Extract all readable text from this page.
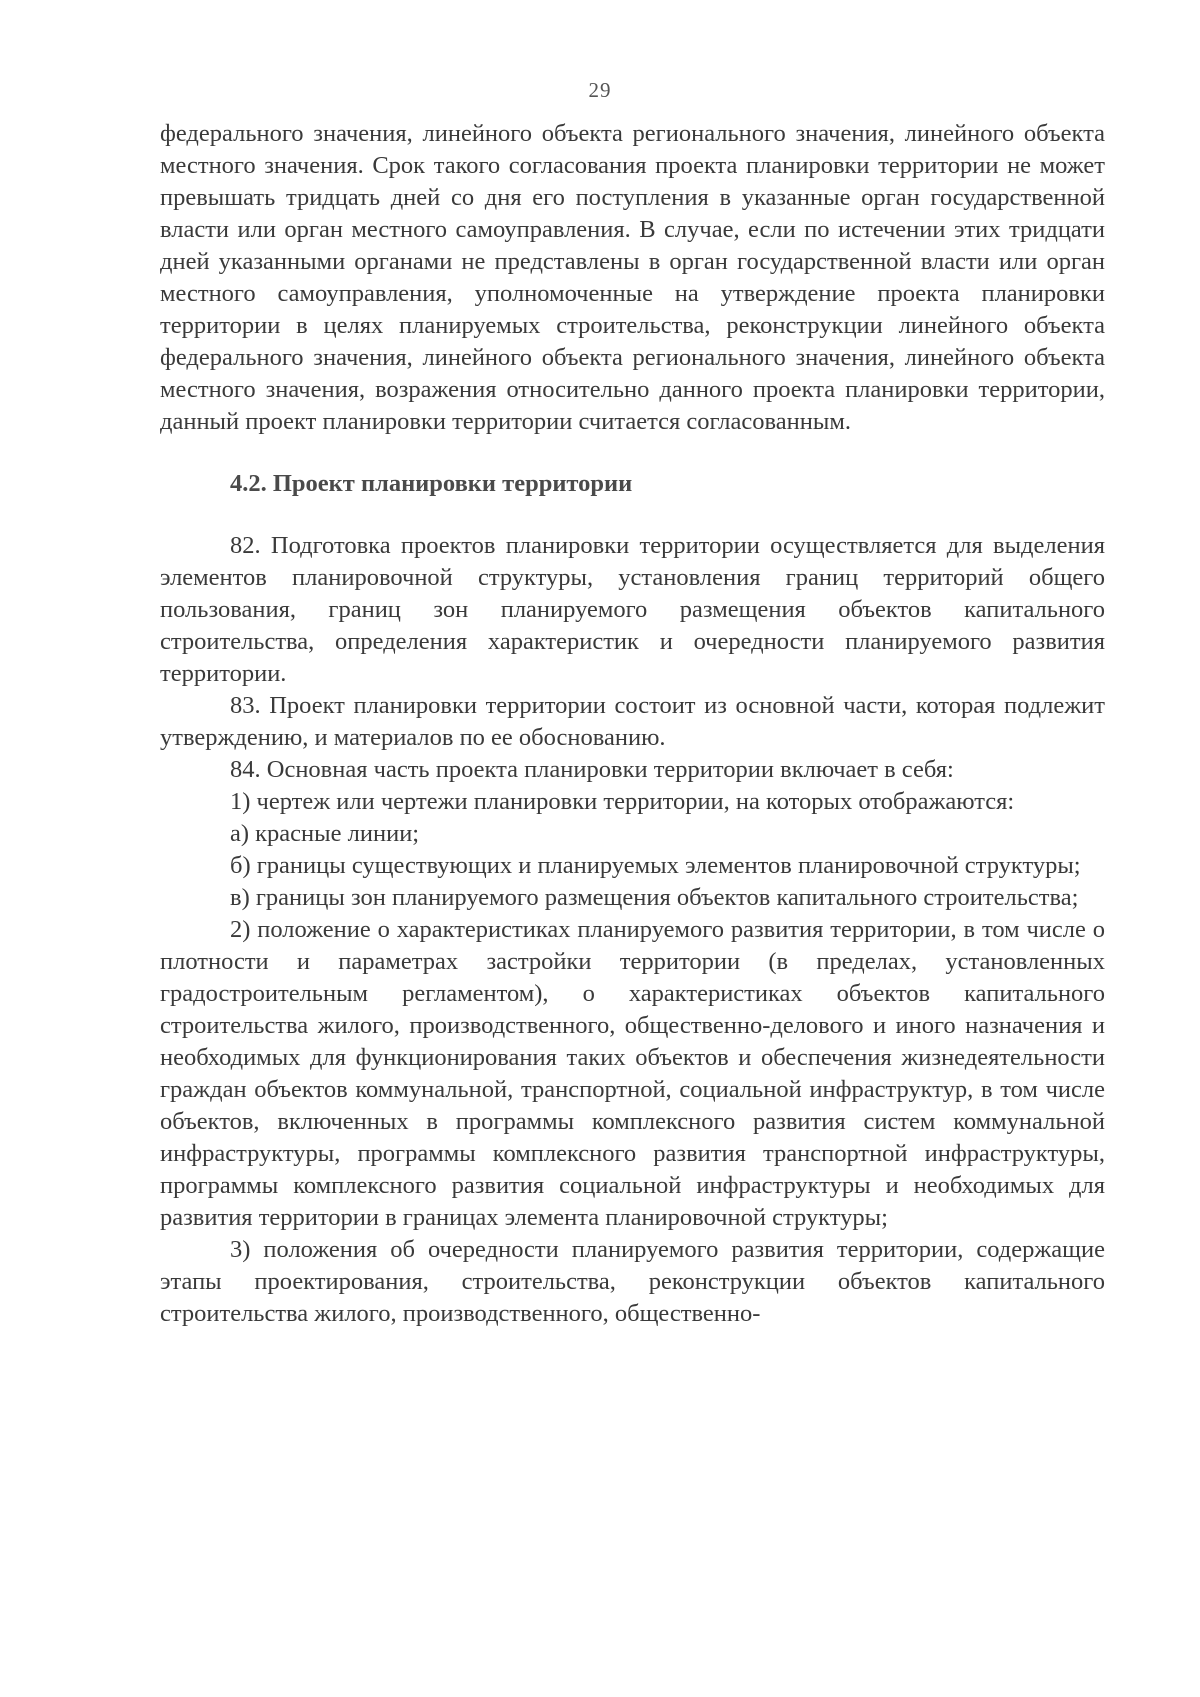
29

федерального значения, линейного объекта регионального значения, линейного объекта местного значения. Срок такого согласования проекта планировки территории не может превышать тридцать дней со дня его поступления в указанные орган государственной власти или орган местного самоуправления. В случае, если по истечении этих тридцати дней указанными органами не представлены в орган государственной власти или орган местного самоуправления, уполномоченные на утверждение проекта планировки территории в целях планируемых строительства, реконструкции линейного объекта федерального значения, линейного объекта регионального значения, линейного объекта местного значения, возражения относительно данного проекта планировки территории, данный проект планировки территории считается согласованным.

4.2. Проект планировки территории

82. Подготовка проектов планировки территории осуществляется для выделения элементов планировочной структуры, установления границ территорий общего пользования, границ зон планируемого размещения объектов капитального строительства, определения характеристик и очередности планируемого развития территории.

83. Проект планировки территории состоит из основной части, которая подлежит утверждению, и материалов по ее обоснованию.

84. Основная часть проекта планировки территории включает в себя:

1) чертеж или чертежи планировки территории, на которых отображаются:

а) красные линии;

б) границы существующих и планируемых элементов планировочной структуры;

в) границы зон планируемого размещения объектов капитального строительства;

2) положение о характеристиках планируемого развития территории, в том числе о плотности и параметрах застройки территории (в пределах, установленных градостроительным регламентом), о характеристиках объектов капитального строительства жилого, производственного, общественно-делового и иного назначения и необходимых для функционирования таких объектов и обеспечения жизнедеятельности граждан объектов коммунальной, транспортной, социальной инфраструктур, в том числе объектов, включенных в программы комплексного развития систем коммунальной инфраструктуры, программы комплексного развития транспортной инфраструктуры, программы комплексного развития социальной инфраструктуры и необходимых для развития территории в границах элемента планировочной структуры;

3) положения об очередности планируемого развития территории, содержащие этапы проектирования, строительства, реконструкции объектов капитального строительства жилого, производственного, общественно-
